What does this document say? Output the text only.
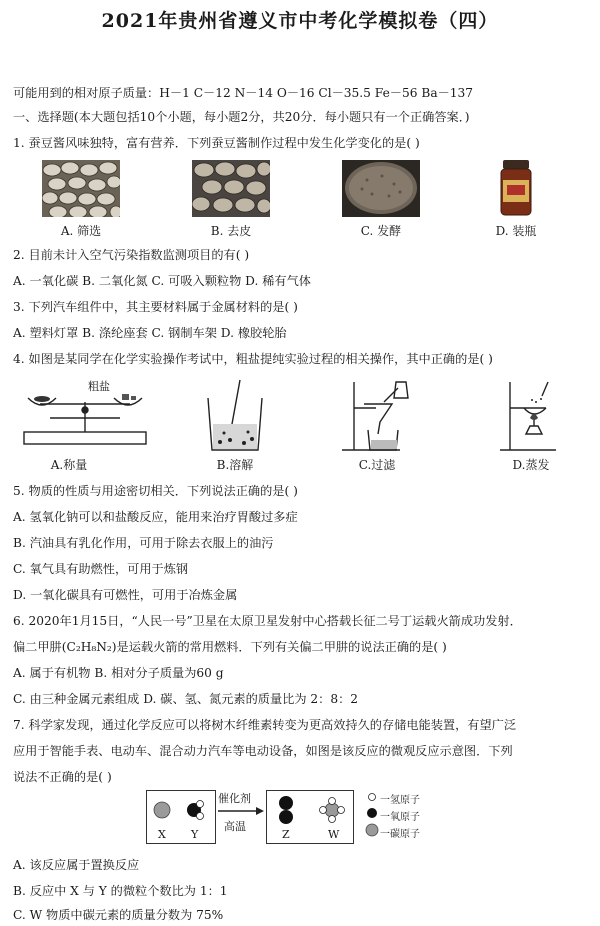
2021年贵州省遵义市中考化学模拟卷（四）
可能用到的相对原子质量：H－1 C－12 N－14 O－16 Cl－35.5 Fe－56 Ba－137
一、选择题(本大题包括10个小题，每小题2分，共20分．每小题只有一个正确答案．)
1. 蚕豆酱风味独特，富有营养．下列蚕豆酱制作过程中发生化学变化的是( )
A. 筛选	B. 去皮	C. 发酵	D. 装瓶
2. 目前未计入空气污染指数监测项目的有( )
A. 一氧化碳 B. 二氧化氮 C. 可吸入颗粒物 D. 稀有气体
3. 下列汽车组件中，其主要材料属于金属材料的是( )
A. 塑料灯罩 B. 涤纶座套 C. 钢制车架 D. 橡胶轮胎
4. 如图是某同学在化学实验操作考试中，粗盐提纯实验过程的相关操作，其中正确的是( )
粗盐
A.称量	B.溶解	C.过滤	D.蒸发
5. 物质的性质与用途密切相关．下列说法正确的是( )
A. 氢氧化钠可以和盐酸反应，能用来治疗胃酸过多症
B. 汽油具有乳化作用，可用于除去衣服上的油污
C. 氧气具有助燃性，可用于炼钢
D. 一氧化碳具有可燃性，可用于冶炼金属
6. 2020年1月15日，“人民一号”卫星在太原卫星发射中心搭载长征二号丁运载火箭成功发射．
偏二甲肼(C₂H₈N₂)是运载火箭的常用燃料．下列有关偏二甲肼的说法正确的是( )
A. 属于有机物 B. 相对分子质量为60 g
C. 由三种金属元素组成 D. 碳、氢、氮元素的质量比为 2：8：2
7. 科学家发现，通过化学反应可以将树木纤维素转变为更高效持久的存储电能装置，有望广泛
应用于智能手表、电动车、混合动力汽车等电动设备，如图是该反应的微观反应示意图．下列
说法不正确的是( )
催化剂
高温
X Y	Z	W
一氢原子
一氧原子
一碳原子
A. 该反应属于置换反应
B. 反应中 X 与 Y 的微粒个数比为 1：1
C. W 物质中碳元素的质量分数为 75%
